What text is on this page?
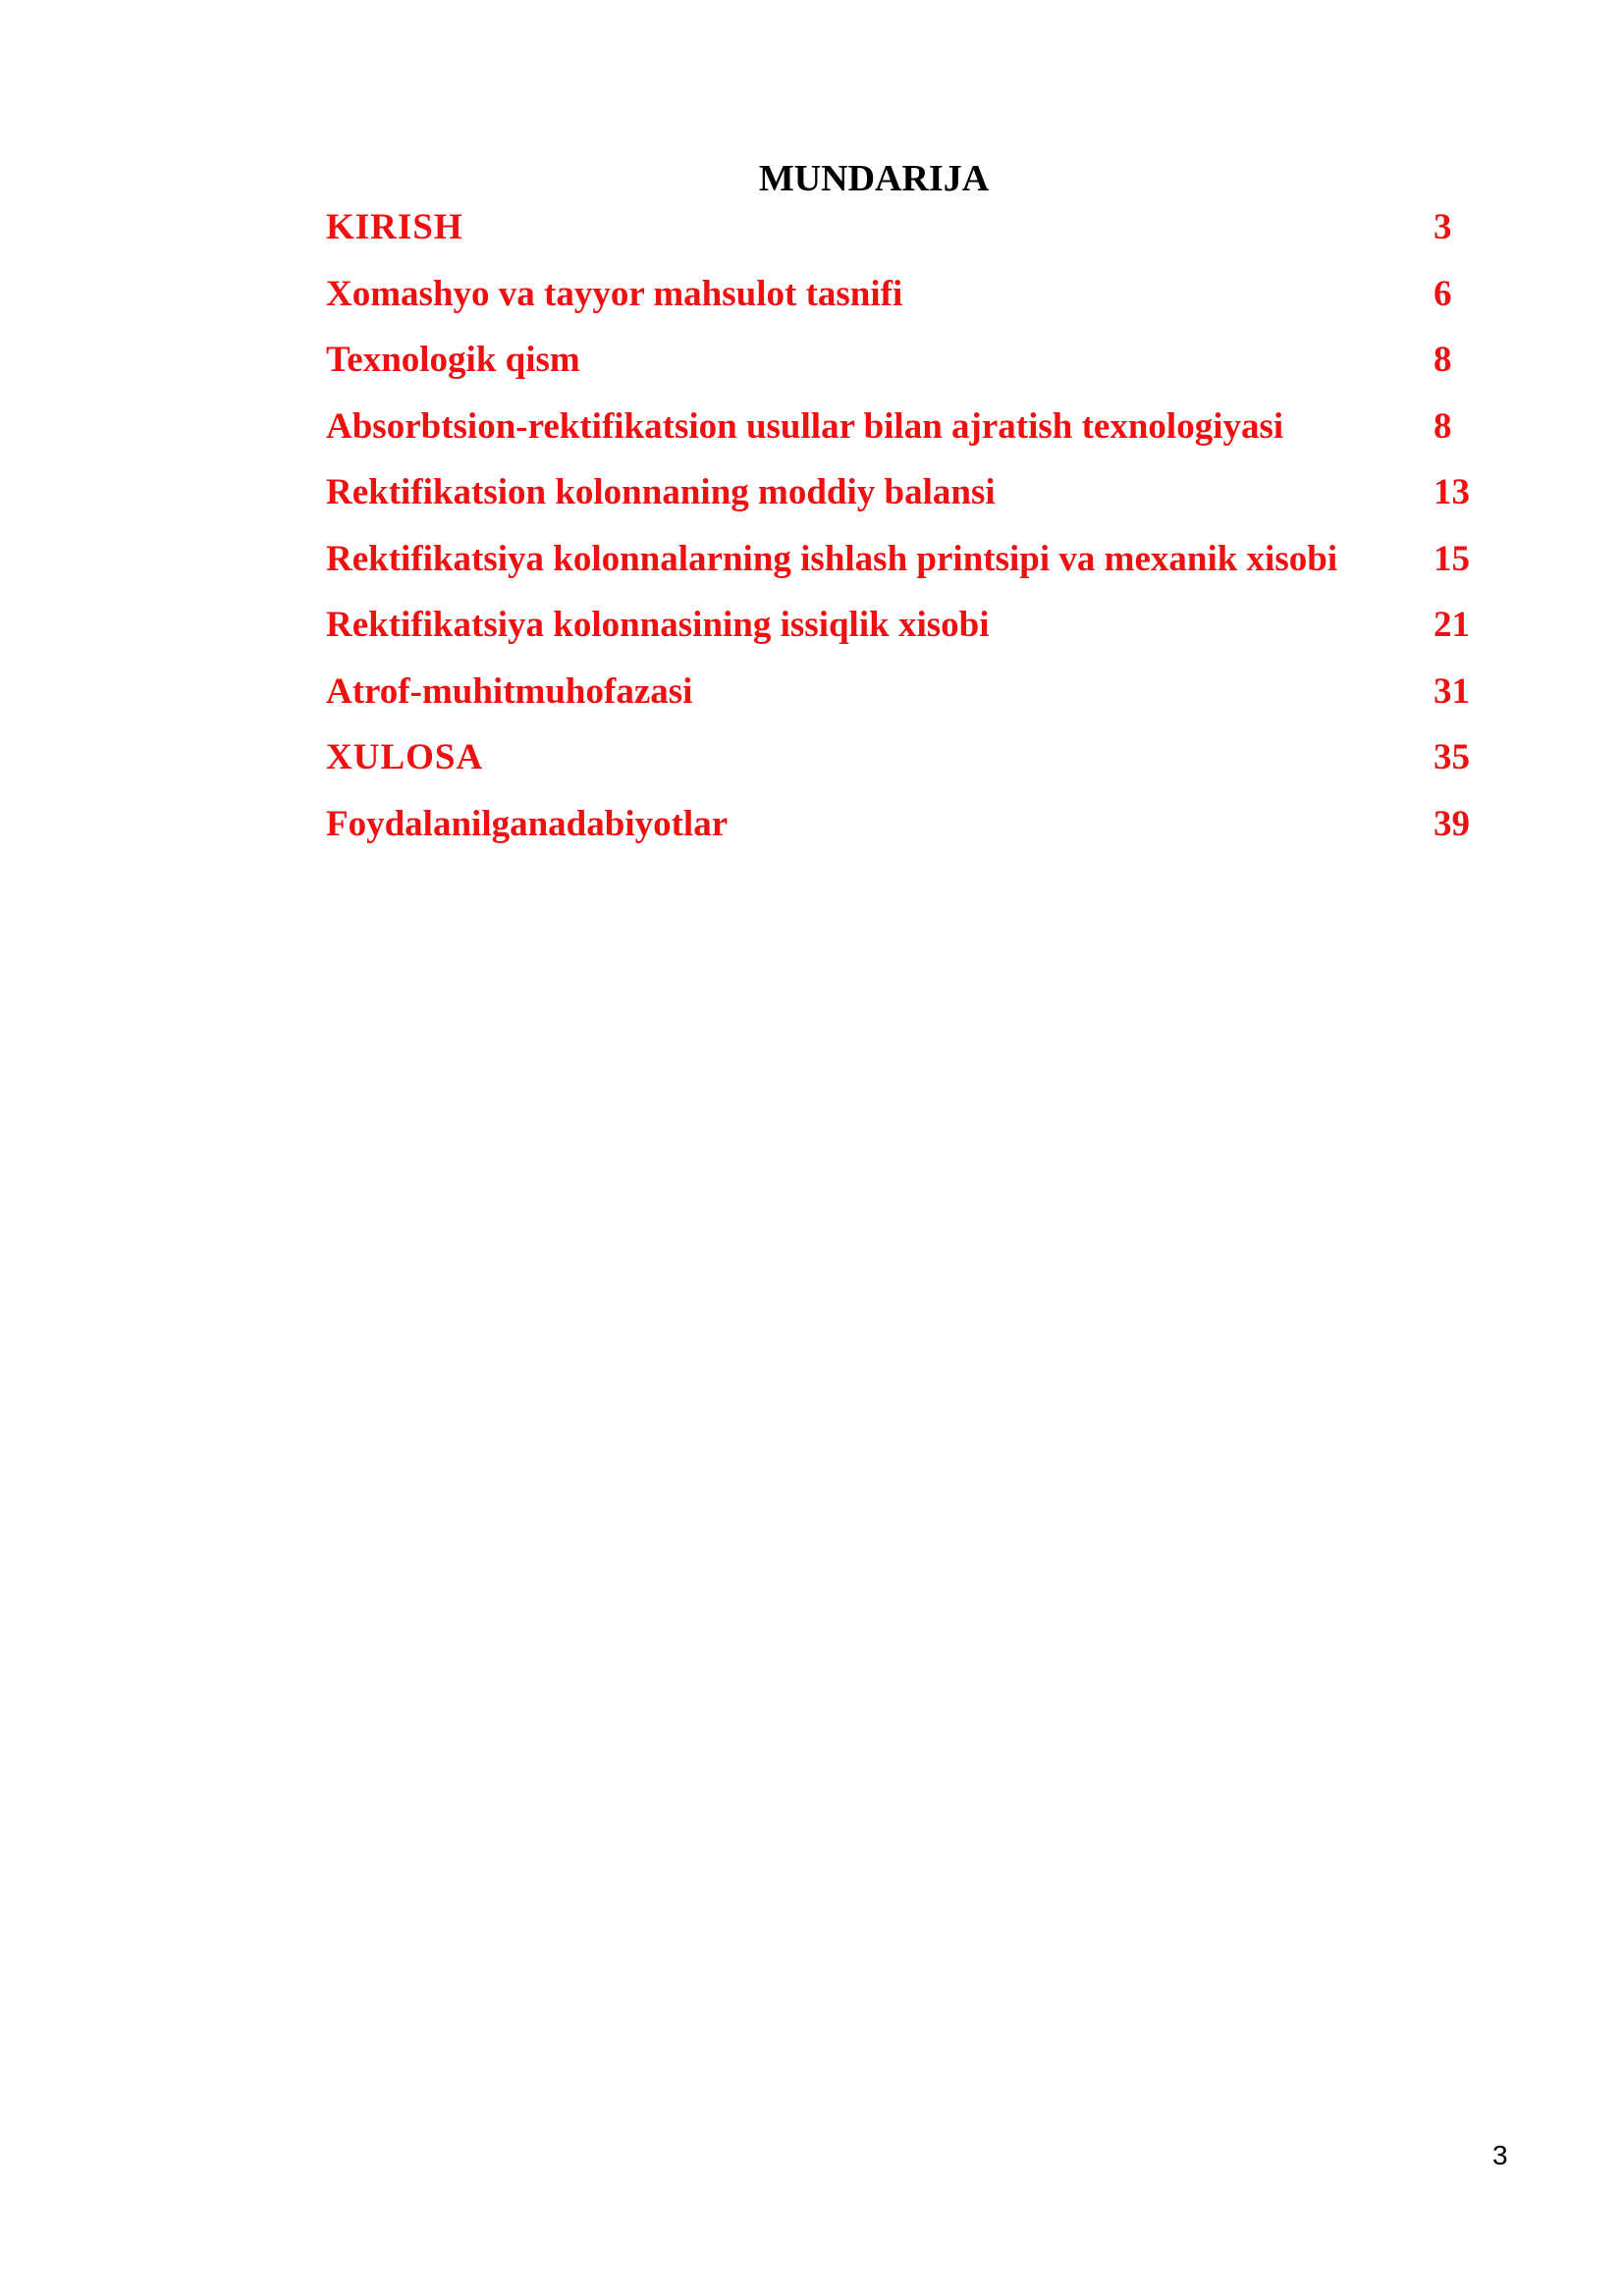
MUNDARIJA
KIRISH	3
Xomashyo va tayyor mahsulot tasnifi	6
Texnologik qism	8
Absorbtsion-rektifikatsion usullar bilan ajratish texnologiyasi	8
Rektifikatsion kolonnaning moddiy balansi	13
Rektifikatsiya kolonnalarning ishlash printsipi va mexanik xisobi	15
Rektifikatsiya kolonnasining issiqlik xisobi	21
Atrof-muhitmuhofazasi	31
XULOSA	35
Foydalanilganadabiyotlar	39
3
